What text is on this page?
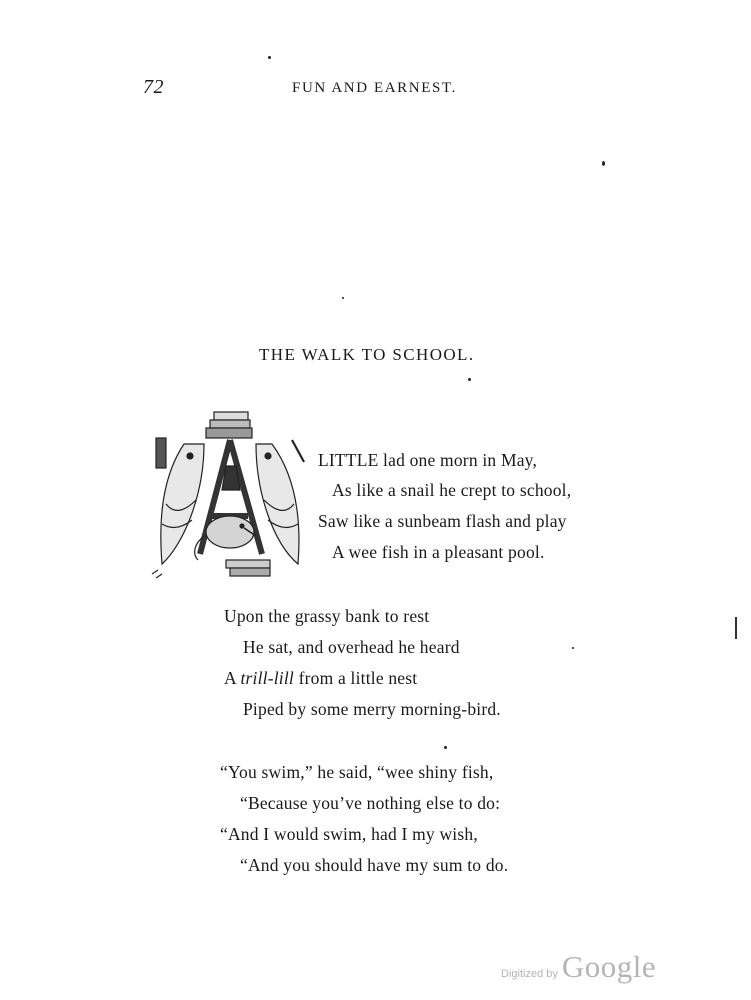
72	FUN AND EARNEST.
THE WALK TO SCHOOL.
LITTLE lad one morn in May,
As like a snail he crept to school,
Saw like a sunbeam flash and play
A wee fish in a pleasant pool.
Upon the grassy bank to rest
He sat, and overhead he heard
A trill-lill from a little nest
Piped by some merry morning-bird.
“You swim,” he said, “wee shiny fish,
“Because you’ve nothing else to do:
“And I would swim, had I my wish,
“And you should have my sum to do.
Digitized by Google
